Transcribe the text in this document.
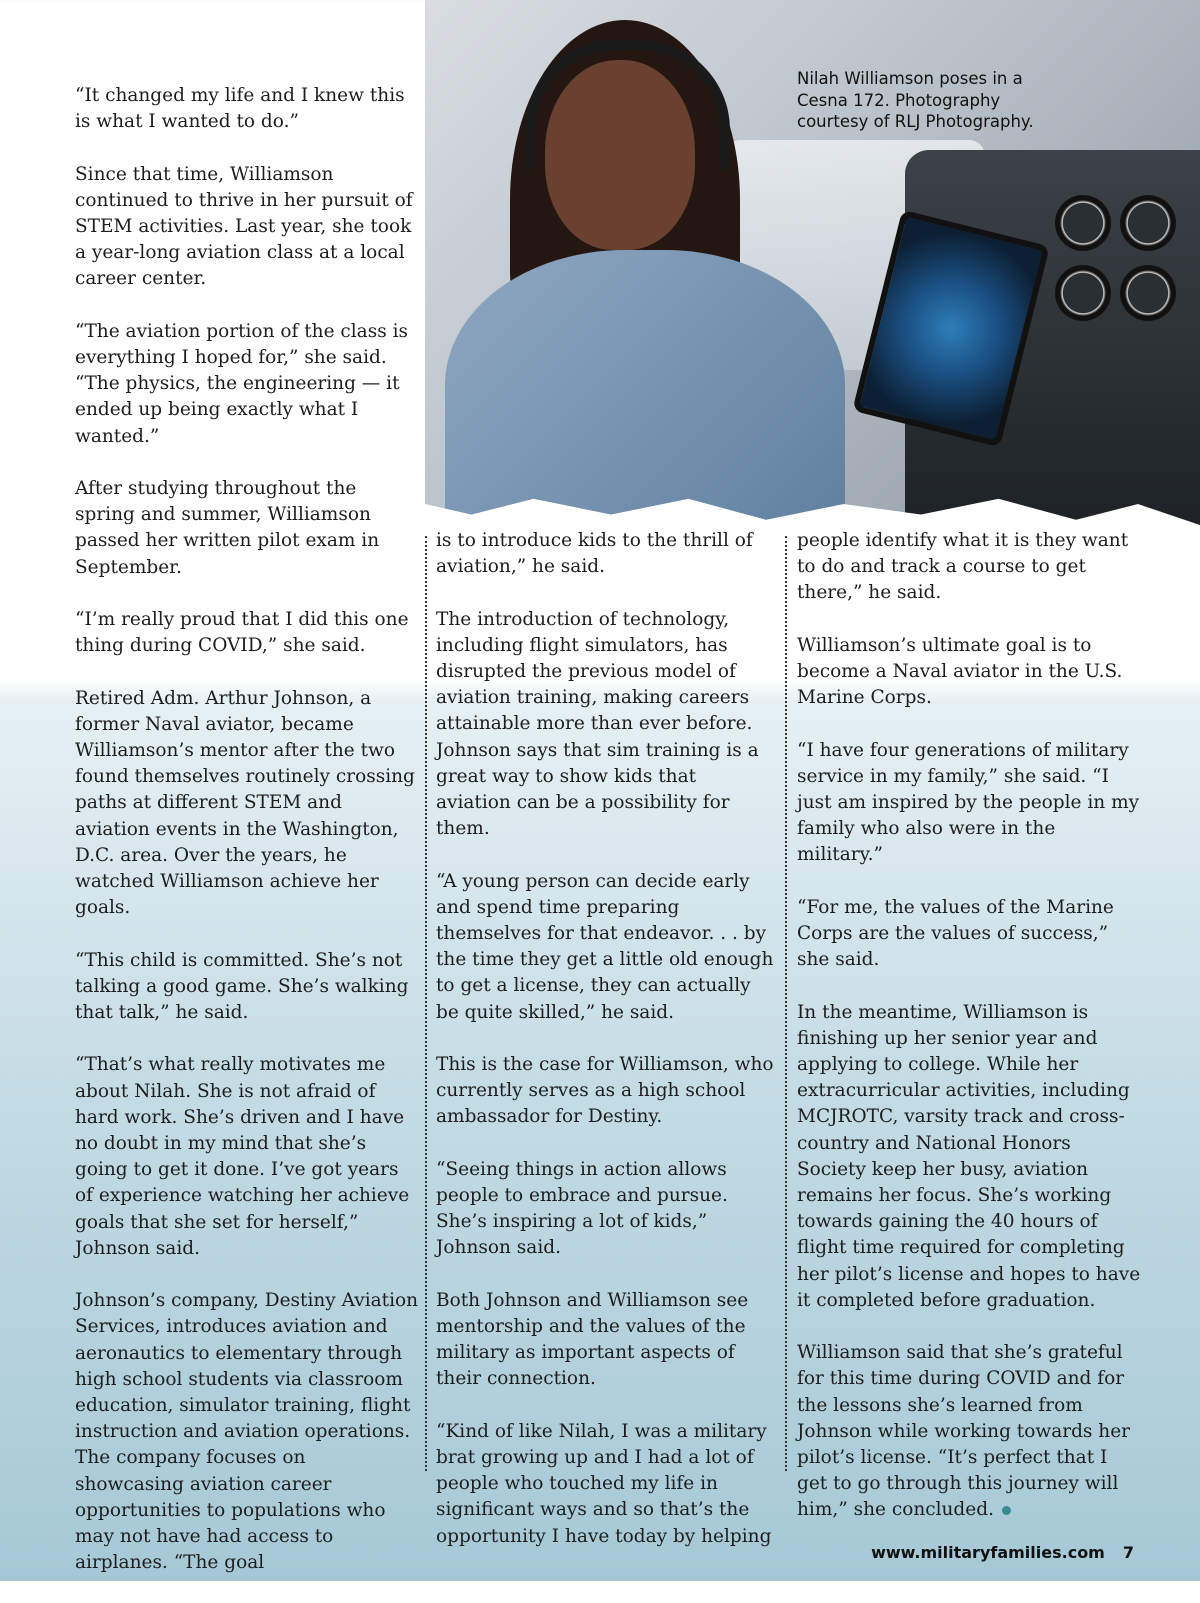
Nilah Williamson poses in a Cesna 172. Photography courtesy of RLJ Photography.

“It changed my life and I knew this is what I wanted to do.”

Since that time, Williamson continued to thrive in her pursuit of STEM activities. Last year, she took a year-long aviation class at a local career center.

“The aviation portion of the class is everything I hoped for,” she said. “The physics, the engineering — it ended up being exactly what I wanted.”

After studying throughout the spring and summer, Williamson passed her written pilot exam in September.

“I’m really proud that I did this one thing during COVID,” she said.

Retired Adm. Arthur Johnson, a former Naval aviator, became Williamson’s mentor after the two found themselves routinely crossing paths at different STEM and aviation events in the Washington, D.C. area. Over the years, he watched Williamson achieve her goals.

“This child is committed. She’s not talking a good game. She’s walking that talk,” he said.

“That’s what really motivates me about Nilah. She is not afraid of hard work. She’s driven and I have no doubt in my mind that she’s going to get it done. I’ve got years of experience watching her achieve goals that she set for herself,” Johnson said.

Johnson’s company, Destiny Aviation Services, introduces aviation and aeronautics to elementary through high school students via classroom education, simulator training, flight instruction and aviation operations. The company focuses on showcasing aviation career opportunities to populations who may not have had access to airplanes. “The goal

is to introduce kids to the thrill of aviation,” he said.

The introduction of technology, including flight simulators, has disrupted the previous model of aviation training, making careers attainable more than ever before. Johnson says that sim training is a great way to show kids that aviation can be a possibility for them.

“A young person can decide early and spend time preparing themselves for that endeavor. . . by the time they get a little old enough to get a license, they can actually be quite skilled,” he said.

This is the case for Williamson, who currently serves as a high school ambassador for Destiny.

“Seeing things in action allows people to embrace and pursue. She’s inspiring a lot of kids,” Johnson said.

Both Johnson and Williamson see mentorship and the values of the military as important aspects of their connection.

“Kind of like Nilah, I was a military brat growing up and I had a lot of people who touched my life in significant ways and so that’s the opportunity I have today by helping

people identify what it is they want to do and track a course to get there,” he said.

Williamson’s ultimate goal is to become a Naval aviator in the U.S. Marine Corps.

“I have four generations of military service in my family,” she said. “I just am inspired by the people in my family who also were in the military.”

“For me, the values of the Marine Corps are the values of success,” she said.

In the meantime, Williamson is finishing up her senior year and applying to college. While her extracurricular activities, including MCJROTC, varsity track and cross-country and National Honors Society keep her busy, aviation remains her focus. She’s working towards gaining the 40 hours of flight time required for completing her pilot’s license and hopes to have it completed before graduation.

Williamson said that she’s grateful for this time during COVID and for the lessons she’s learned from Johnson while working towards her pilot’s license. “It’s perfect that I get to go through this journey will him,” she concluded.

www.militaryfamilies.com 7
